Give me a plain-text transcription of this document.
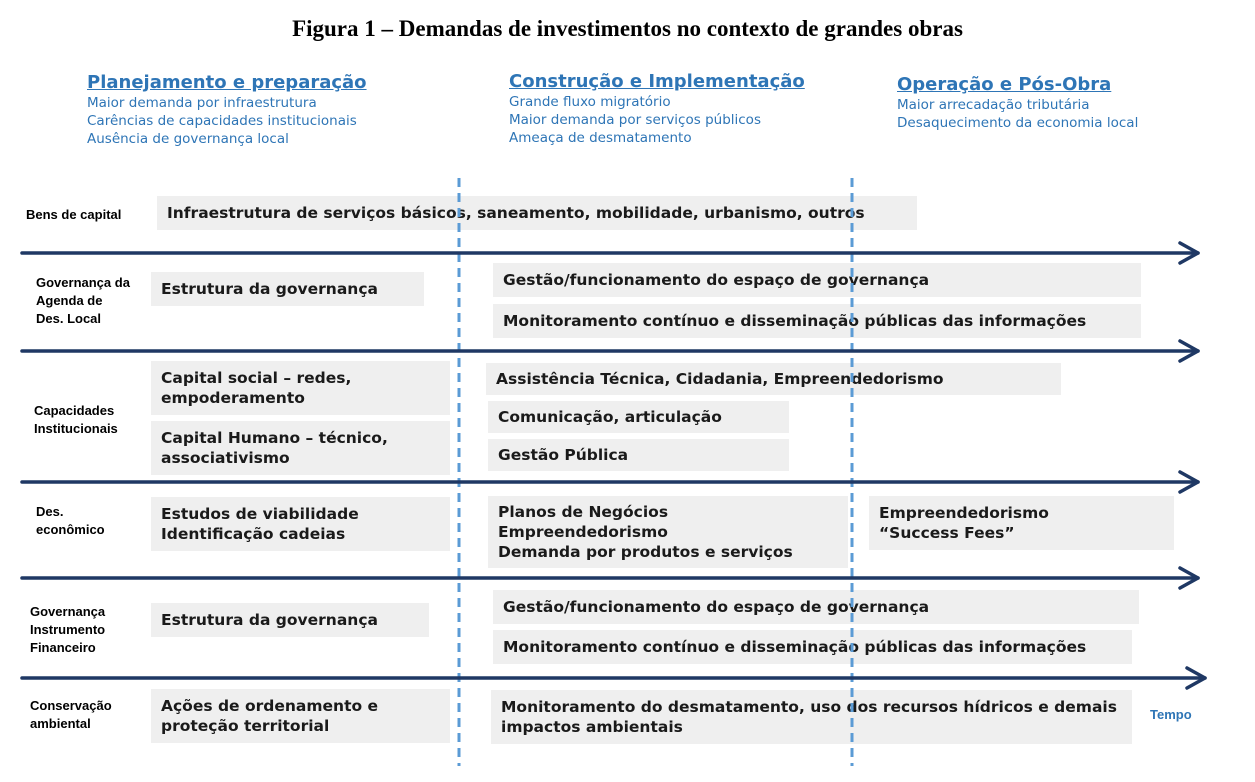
Figura 1 – Demandas de investimentos no contexto de grandes obras
Planejamento e preparação
Maior demanda por infraestrutura
Carências de capacidades institucionais
Ausência de governança local
Construção e Implementação
Grande fluxo migratório
Maior demanda por serviços públicos
Ameaça de desmatamento
Operação e Pós-Obra
Maior arrecadação tributária
Desaquecimento da economia local
Infraestrutura de serviços básicos, saneamento, mobilidade, urbanismo, outros
Estrutura da governança	Gestão/funcionamento do espaço de governança
Monitoramento contínuo e disseminação públicas das informações
Capital social – redes,
empoderamento
Capital Humano – técnico,
associativismo
Assistência Técnica, Cidadania, Empreendedorismo
Comunicação, articulação
Gestão Pública
Estudos de viabilidade
Identificação cadeias
Planos de Negócios
Empreendedorismo
Demanda por produtos e serviços
Empreendedorismo
“Success Fees”
Estrutura da governança
Gestão/funcionamento do espaço de governança
Monitoramento contínuo e disseminação públicas das informações
Ações de ordenamento e
proteção territorial
Monitoramento do desmatamento, uso dos recursos hídricos e demais
impactos ambientais
Bens de capital
Governança da
Agenda de
Des. Local
Capacidades
Institucionais
Des.
econômico
Governança
Instrumento
Financeiro
Conservação
ambiental
Tempo
